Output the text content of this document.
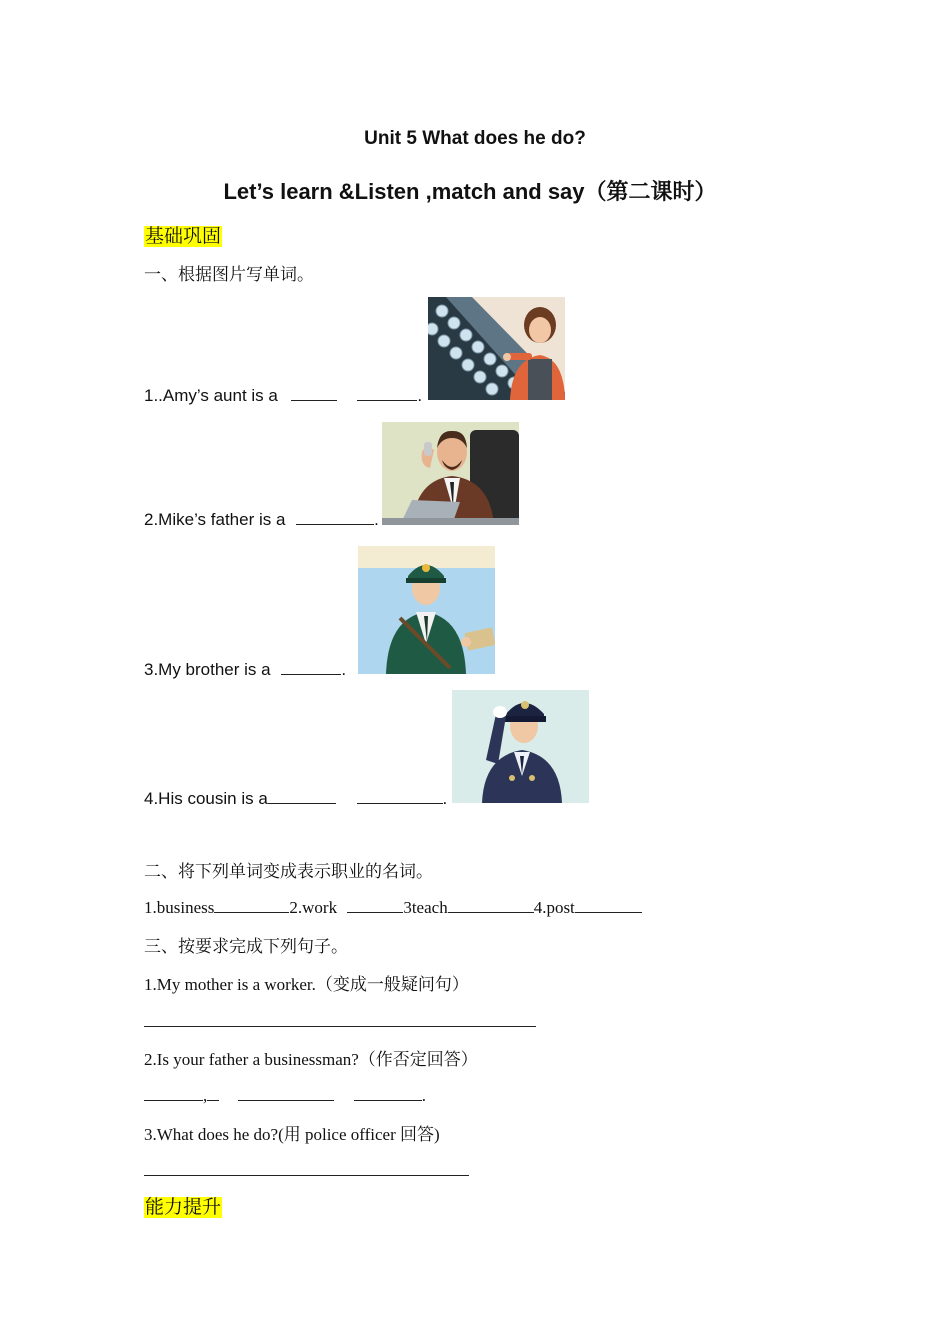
Unit 5 What does he do?
Let’s learn &Listen ,match and say（第二课时）
基础巩固
一、根据图片写单词。
1..Amy’s aunt is a	.
2.Mike’s father is a	.
3.My brother is a	.
4.His cousin is a	.
二、将下列单词变成表示职业的名词。
1.business	2.work	3teach	4.post
三、按要求完成下列句子。
1.My mother is a worker.（变成一般疑问句）
2.Is your father a businessman?（作否定回答）
,	.
3.What does he do?(用 police officer 回答)
能力提升
